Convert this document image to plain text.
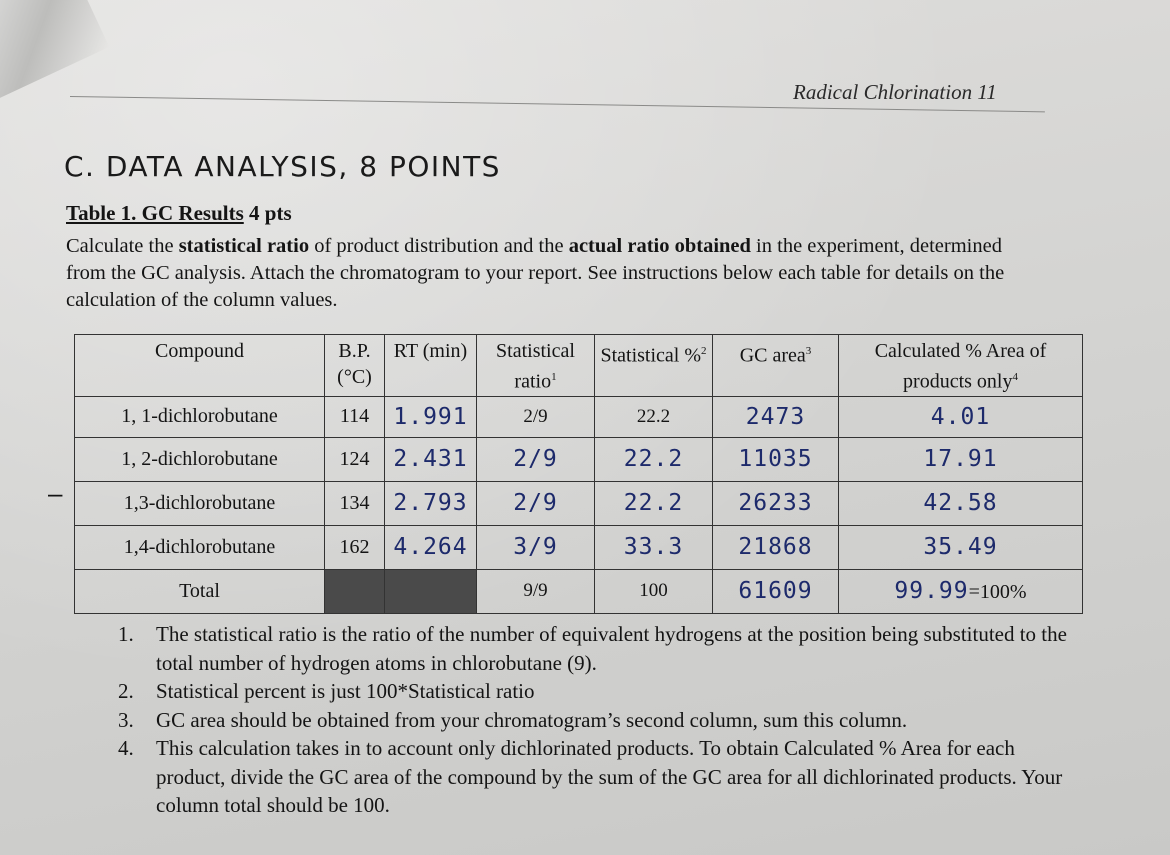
Radical Chlorination 11
C. DATA ANALYSIS, 8 POINTS
Table 1. GC Results 4 pts
Calculate the statistical ratio of product distribution and the actual ratio obtained in the experiment, determined from the GC analysis. Attach the chromatogram to your report. See instructions below each table for details on the calculation of the column values.
–
Compound	B.P. (°C)	RT (min)	Statistical ratio$^1$	Statistical %$^2$	GC area$^3$	Calculated % Area of products only$^4$
1, 1-dichlorobutane	114	1.991	2/9	22.2	2473	4.01
1, 2-dichlorobutane	124	2.431	2/9	22.2	11035	17.91
1,3-dichlorobutane	134	2.793	2/9	22.2	26233	42.58
1,4-dichlorobutane	162	4.264	3/9	33.3	21868	35.49
Total			9/9	100	61609	99.99=100%
1. The statistical ratio is the ratio of the number of equivalent hydrogens at the position being substituted to the total number of hydrogen atoms in chlorobutane (9).
2. Statistical percent is just 100*Statistical ratio
3. GC area should be obtained from your chromatogram’s second column, sum this column.
4. This calculation takes in to account only dichlorinated products. To obtain Calculated % Area for each product, divide the GC area of the compound by the sum of the GC area for all dichlorinated products. Your column total should be 100.
